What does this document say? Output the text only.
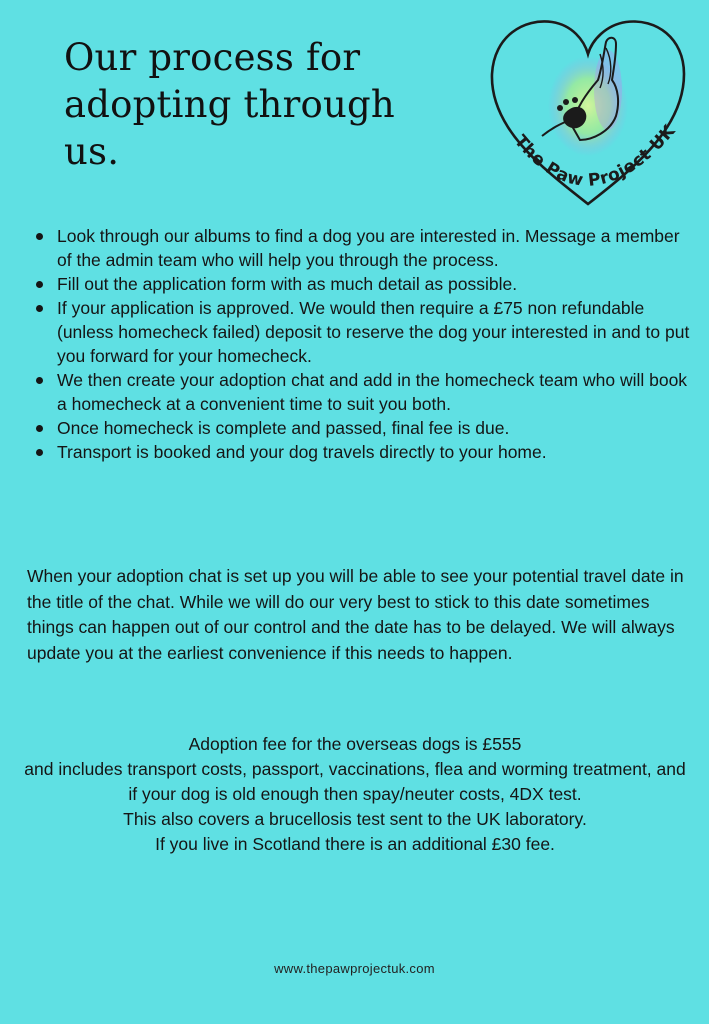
Our process for adopting through us.	The Paw Project UK
Look through our albums to find a dog you are interested in. Message a member of the admin team who will help you through the process.
Fill out the application form with as much detail as possible.
If your application is approved. We would then require a £75 non refundable (unless homecheck failed) deposit to reserve the dog your interested in and to put you forward for your homecheck.
We then create your adoption chat and add in the homecheck team who will book a homecheck at a convenient time to suit you both.
Once homecheck is complete and passed, final fee is due.
Transport is booked and your dog travels directly to your home.

When your adoption chat is set up you will be able to see your potential travel date in the title of the chat. While we will do our very best to stick to this date sometimes things can happen out of our control and the date has to be delayed. We will always update you at the earliest convenience if this needs to happen.

Adoption fee for the overseas dogs is £555
and includes transport costs, passport, vaccinations, flea and worming treatment, and if your dog is old enough then spay/neuter costs, 4DX test.
This also covers a brucellosis test sent to the UK laboratory.
If you live in Scotland there is an additional £30 fee.
www.thepawprojectuk.com
